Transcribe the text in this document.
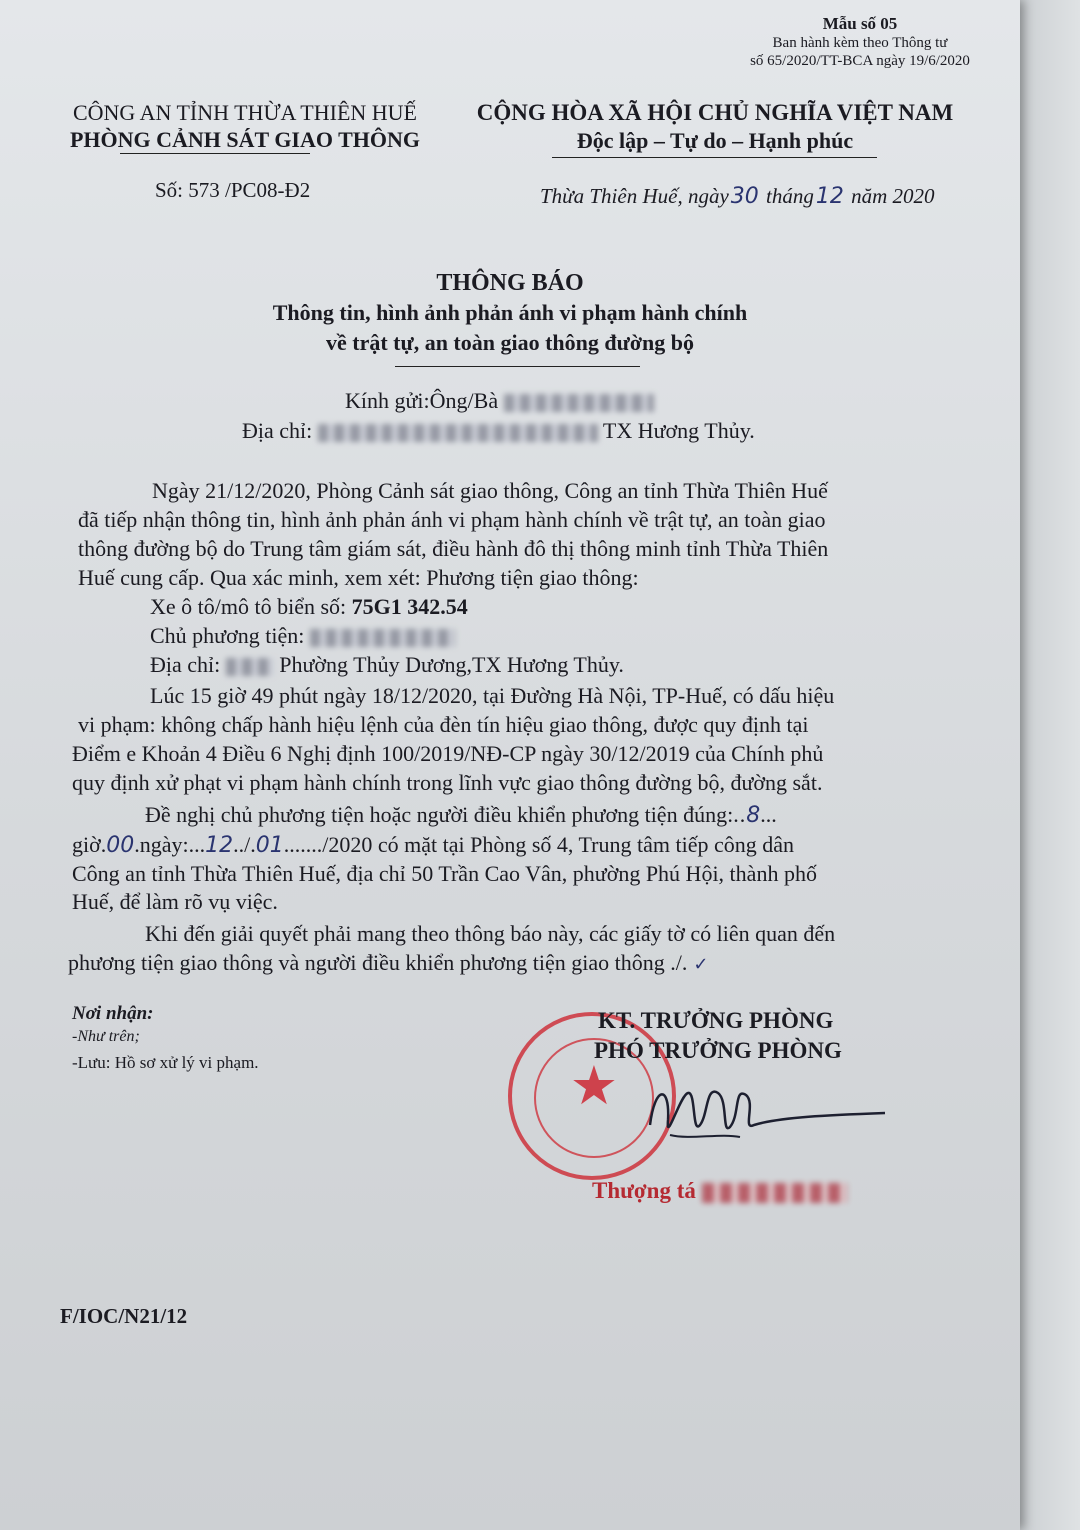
Mẫu số 05
Ban hành kèm theo Thông tư
số 65/2020/TT-BCA ngày 19/6/2020
CÔNG AN TỈNH THỪA THIÊN HUẾ
PHÒNG CẢNH SÁT GIAO THÔNG
Số: 573 /PC08-Đ2
CỘNG HÒA XÃ HỘI CHỦ NGHĨA VIỆT NAM
Độc lập – Tự do – Hạnh phúc
Thừa Thiên Huế, ngày30 tháng12 năm 2020
THÔNG BÁO
Thông tin, hình ảnh phản ánh vi phạm hành chính
về trật tự, an toàn giao thông đường bộ
Kính gửi:Ông/Bà
Địa chỉ:	TX Hương Thủy.
Ngày 21/12/2020, Phòng Cảnh sát giao thông, Công an tỉnh Thừa Thiên Huế
đã tiếp nhận thông tin, hình ảnh phản ánh vi phạm hành chính về trật tự, an toàn giao
thông đường bộ do Trung tâm giám sát, điều hành đô thị thông minh tỉnh Thừa Thiên
Huế cung cấp. Qua xác minh, xem xét: Phương tiện giao thông:
Xe ô tô/mô tô biển số: 75G1 342.54
Chủ phương tiện:
Địa chỉ:	Phường Thủy Dương,TX Hương Thủy.
Lúc 15 giờ 49 phút ngày 18/12/2020, tại Đường Hà Nội, TP-Huế, có dấu hiệu
vi phạm: không chấp hành hiệu lệnh của đèn tín hiệu giao thông, được quy định tại
Điểm e Khoản 4 Điều 6 Nghị định 100/2019/NĐ-CP ngày 30/12/2019 của Chính phủ
quy định xử phạt vi phạm hành chính trong lĩnh vực giao thông đường bộ, đường sắt.
Đề nghị chủ phương tiện hoặc người điều khiển phương tiện đúng:..8...
giờ.00.ngày:...12../.01......./2020 có mặt tại Phòng số 4, Trung tâm tiếp công dân
Công an tỉnh Thừa Thiên Huế, địa chỉ 50 Trần Cao Vân, phường Phú Hội, thành phố
Huế, để làm rõ vụ việc.
Khi đến giải quyết phải mang theo thông báo này, các giấy tờ có liên quan đến
phương tiện giao thông và người điều khiển phương tiện giao thông ./. ✓
Nơi nhận:
-Như trên;
-Lưu: Hồ sơ xử lý vi phạm.	★
KT. TRƯỞNG PHÒNG
PHÓ TRƯỞNG PHÒNG
Thượng tá
F/IOC/N21/12
